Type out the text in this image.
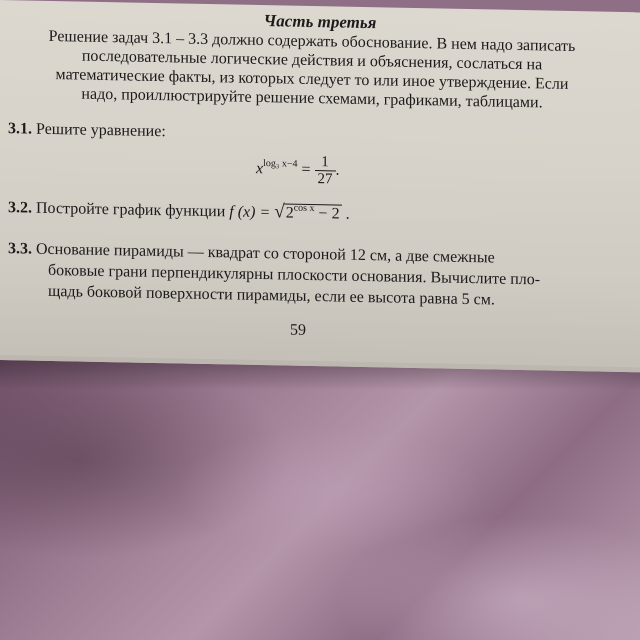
Часть третья
Решение задач 3.1 – 3.3 должно содержать обоснование. В нем надо записать
последовательные логические действия и объяснения, сослаться на
математические факты, из которых следует то или иное утверждение. Если
надо, проиллюстрируйте решение схемами, графиками, таблицами.
3.1. Решите уравнение:
$x^{log_3 x-4} = \frac{1}{27}$ .
3.2. Постройте график функции f $(x) = √2^{cos x} - 2$ .
3.3. Основание пирамиды — квадрат со стороной 12 см, а две смежные
боковые грани перпендикулярны плоскости основания. Вычислите пло-
щадь боковой поверхности пирамиды, если ее высота равна 5 см.
59
